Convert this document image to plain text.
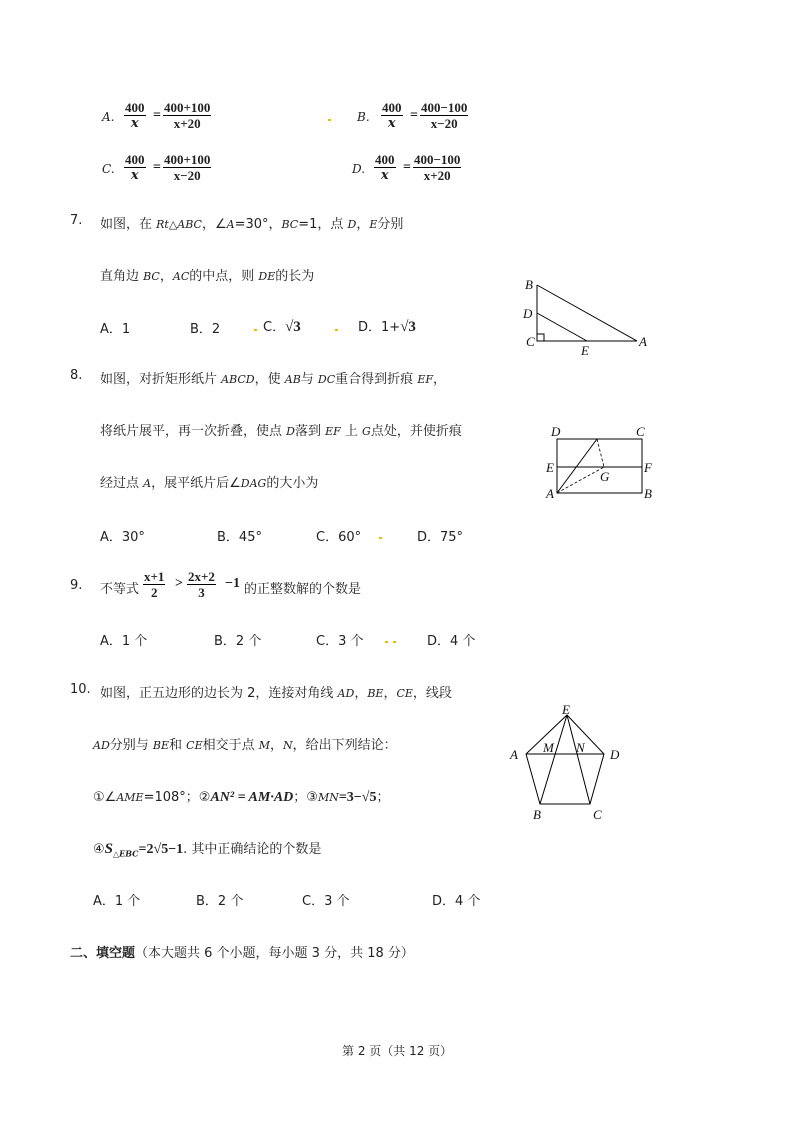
A. $\frac{400}{x} = \frac{400+100}{x+20}$	B. $\frac{400}{x} = \frac{400-100}{x-20}$
C. $\frac{400}{x} = \frac{400+100}{x-20}$	D. $\frac{400}{x} = \frac{400-100}{x+20}$
7. 如图，在 Rt△ABC，∠A=30°，BC=1，点 D，E分别
直角边 BC，AC的中点，则 DE的长为
A．1	B．2	C．√3	D．1+√3
B
D
C
E
A
8. 如图，对折矩形纸片 ABCD，使 AB与 DC重合得到折痕 EF，
将纸片展平，再一次折叠，使点 D落到 EF 上 G点处，并使折痕
经过点 A，展平纸片后∠DAG的大小为
A．30°	B．45°	C．60°	D．75°
D	C
E	F
G
A	B
9. 不等式 $\frac{x+1}{2} > \frac{2x+2}{3} -1$ 的正整数解的个数是
A．1 个	B．2 个	C．3 个	D．4 个
10. 如图，正五边形的边长为 2，连接对角线 AD，BE，CE，线段
AD分别与 BE和 CE相交于点 M，N，给出下列结论：
①∠AME=108°；②AN² = AM·AD；③MN=3−√5；
$④S_{\triangle EBC}=2√5-1$. 其中正确结论的个数是
A．1 个	B．2 个	C．3 个	D．4 个
E
A M N D
B	C
二、填空题（本大题共 6 个小题，每小题 3 分，共 18 分）
第 2 页（共 12 页）
